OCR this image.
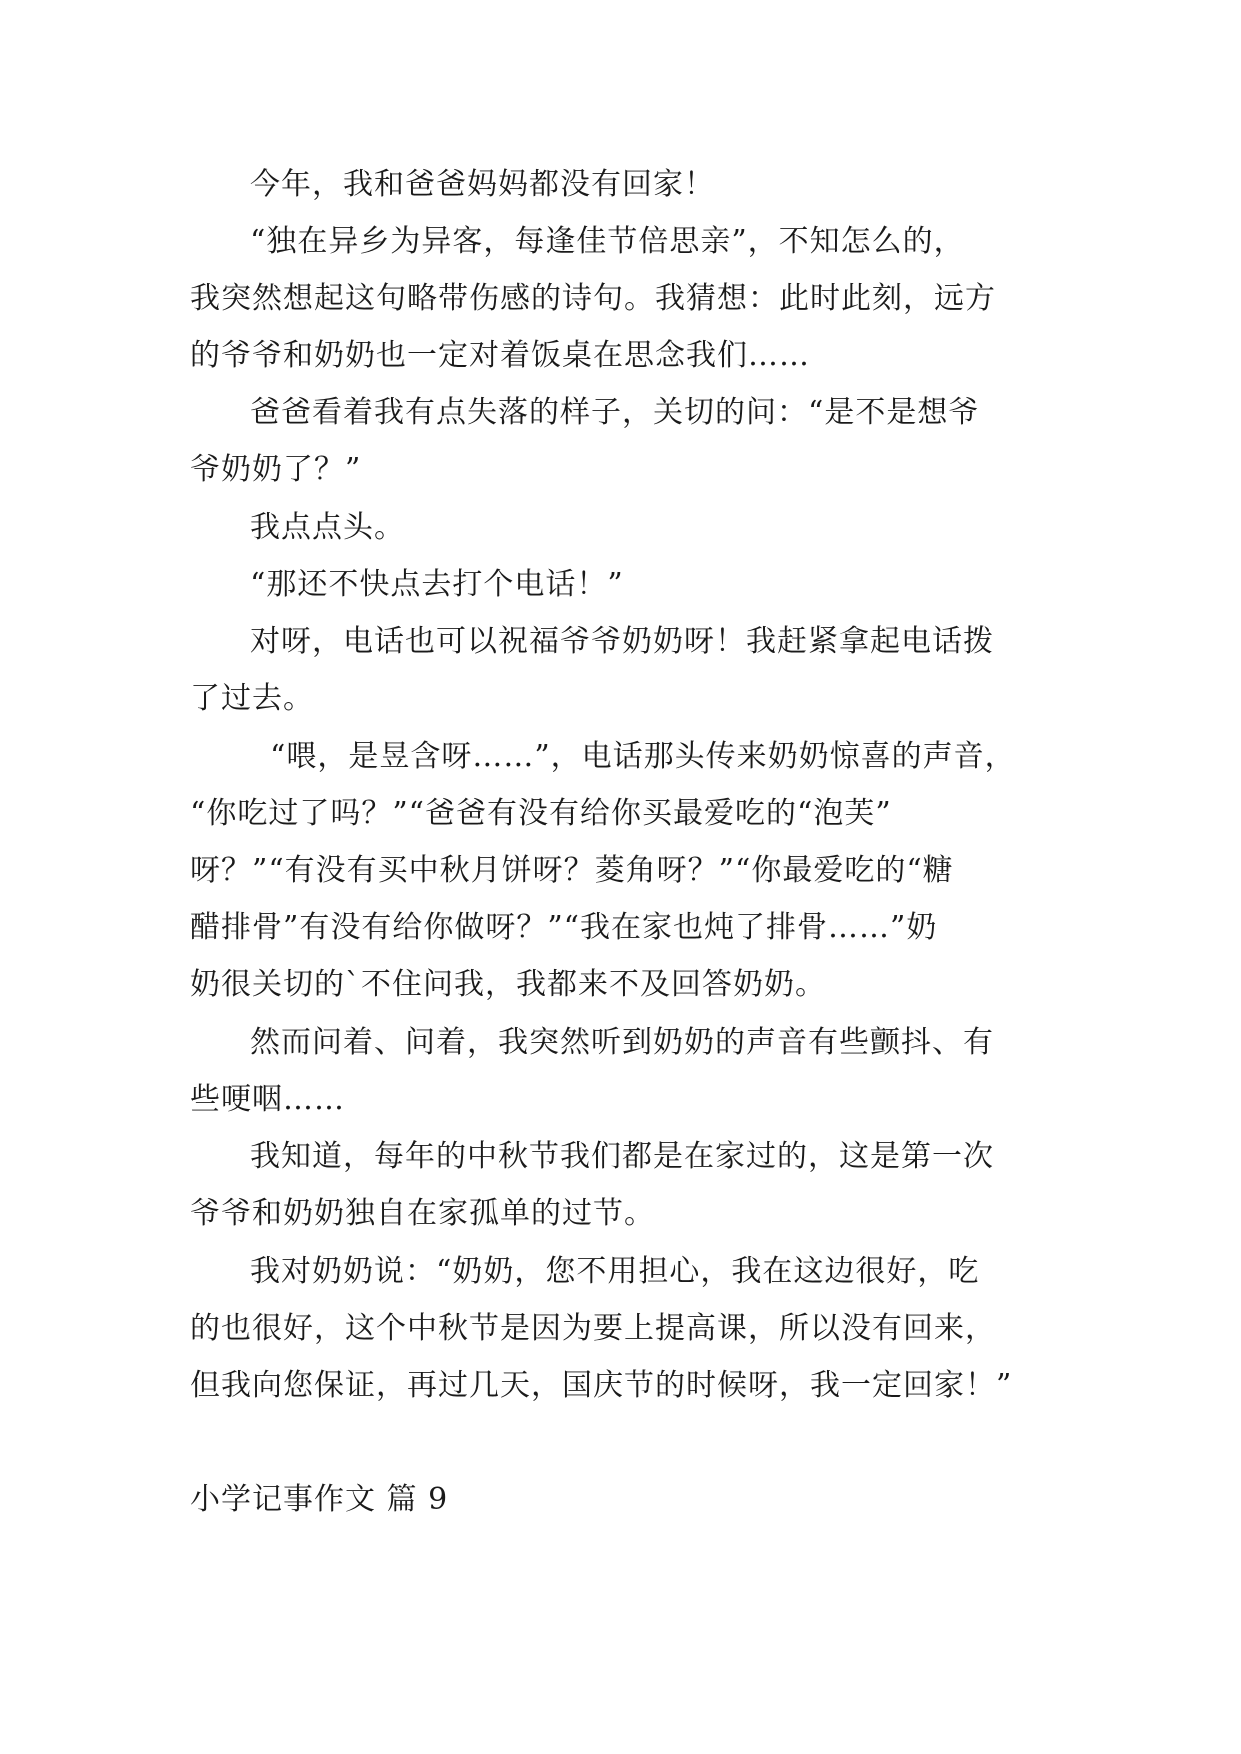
今年，我和爸爸妈妈都没有回家！
“独在异乡为异客，每逢佳节倍思亲”，不知怎么的，
我突然想起这句略带伤感的诗句。我猜想：此时此刻，远方
的爷爷和奶奶也一定对着饭桌在思念我们……
爸爸看着我有点失落的样子，关切的问：“是不是想爷
爷奶奶了？”
我点点头。
“那还不快点去打个电话！”
对呀，电话也可以祝福爷爷奶奶呀！我赶紧拿起电话拨
了过去。
“喂，是昱含呀……”，电话那头传来奶奶惊喜的声音，
“你吃过了吗？”“爸爸有没有给你买最爱吃的“泡芙”
呀？”“有没有买中秋月饼呀？菱角呀？”“你最爱吃的“糖
醋排骨”有没有给你做呀？”“我在家也炖了排骨……”奶
奶很关切的`不住问我，我都来不及回答奶奶。
然而问着、问着，我突然听到奶奶的声音有些颤抖、有
些哽咽……
我知道，每年的中秋节我们都是在家过的，这是第一次
爷爷和奶奶独自在家孤单的过节。
我对奶奶说：“奶奶，您不用担心，我在这边很好，吃
的也很好，这个中秋节是因为要上提高课，所以没有回来，
但我向您保证，再过几天，国庆节的时候呀，我一定回家！”
小学记事作文 篇 9
